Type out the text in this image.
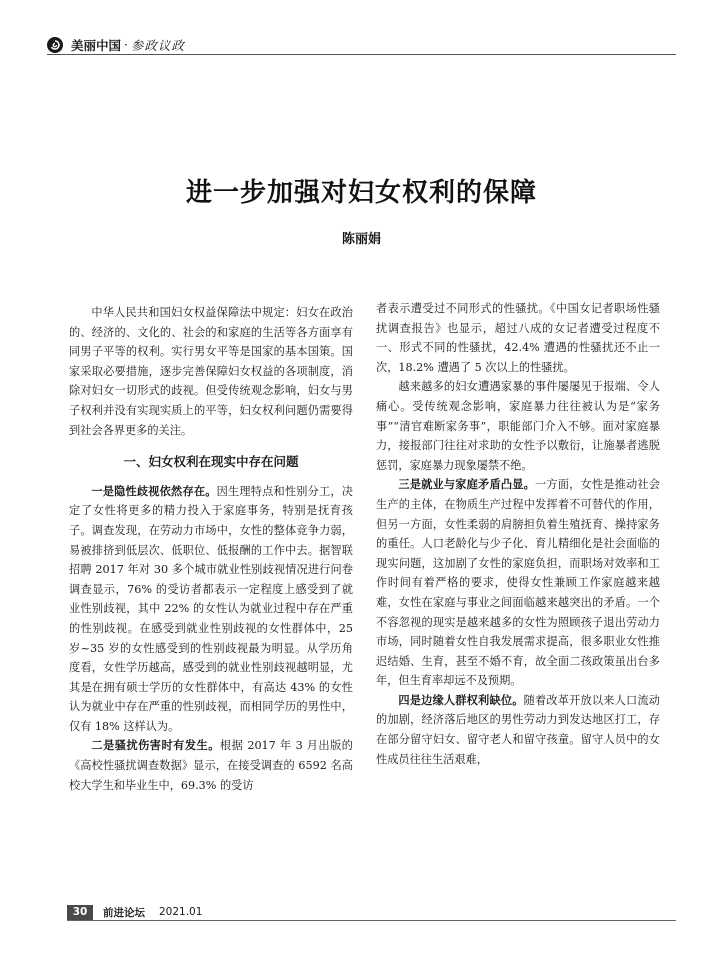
美丽中国 · 参政议政
进一步加强对妇女权利的保障
陈丽娟

中华人民共和国妇女权益保障法中规定：妇女在政治的、经济的、文化的、社会的和家庭的生活等各方面享有同男子平等的权利。实行男女平等是国家的基本国策。国家采取必要措施，逐步完善保障妇女权益的各项制度，消除对妇女一切形式的歧视。但受传统观念影响，妇女与男子权利并没有实现实质上的平等，妇女权利问题仍需要得到社会各界更多的关注。

一、妇女权利在现实中存在问题

一是隐性歧视依然存在。因生理特点和性别分工，决定了女性将更多的精力投入于家庭事务，特别是抚育孩子。调查发现，在劳动力市场中，女性的整体竞争力弱，易被排挤到低层次、低职位、低报酬的工作中去。据智联招聘 2017 年对 30 多个城市就业性别歧视情况进行问卷调查显示，76% 的受访者都表示一定程度上感受到了就业性别歧视，其中 22% 的女性认为就业过程中存在严重的性别歧视。在感受到就业性别歧视的女性群体中，25 岁~35 岁的女性感受到的性别歧视最为明显。从学历角度看，女性学历越高，感受到的就业性别歧视越明显，尤其是在拥有硕士学历的女性群体中，有高达 43% 的女性认为就业中存在严重的性别歧视，而相同学历的男性中，仅有 18% 这样认为。

二是骚扰伤害时有发生。根据 2017 年 3 月出版的《高校性骚扰调查数据》显示，在接受调查的 6592 名高校大学生和毕业生中，69.3% 的受访

者表示遭受过不同形式的性骚扰。《中国女记者职场性骚扰调查报告》也显示，超过八成的女记者遭受过程度不一、形式不同的性骚扰，42.4% 遭遇的性骚扰还不止一次，18.2% 遭遇了 5 次以上的性骚扰。

越来越多的妇女遭遇家暴的事件屡屡见于报端、令人痛心。受传统观念影响，家庭暴力往往被认为是“家务事”“清官难断家务事”，职能部门介入不够。面对家庭暴力，接报部门往往对求助的女性予以敷衍，让施暴者逃脱惩罚，家庭暴力现象屡禁不绝。

三是就业与家庭矛盾凸显。一方面，女性是推动社会生产的主体，在物质生产过程中发挥着不可替代的作用，但另一方面，女性柔弱的肩膀担负着生殖抚育、操持家务的重任。人口老龄化与少子化、育儿精细化是社会面临的现实问题，这加剧了女性的家庭负担，而职场对效率和工作时间有着严格的要求，使得女性兼顾工作家庭越来越难，女性在家庭与事业之间面临越来越突出的矛盾。一个不容忽视的现实是越来越多的女性为照顾孩子退出劳动力市场，同时随着女性自我发展需求提高，很多职业女性推迟结婚、生育，甚至不婚不育，故全面二孩政策虽出台多年，但生育率却远不及预期。

四是边缘人群权利缺位。随着改革开放以来人口流动的加剧，经济落后地区的男性劳动力到发达地区打工，存在部分留守妇女、留守老人和留守孩童。留守人员中的女性成员往往生活艰难，

30	前进论坛 2021.01
